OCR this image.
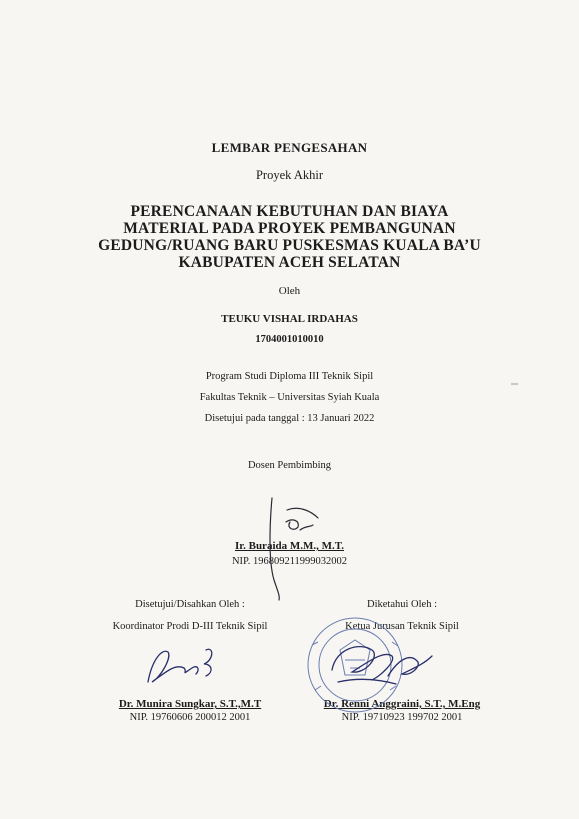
LEMBAR PENGESAHAN
Proyek Akhir
PERENCANAAN KEBUTUHAN DAN BIAYA
MATERIAL PADA PROYEK PEMBANGUNAN
GEDUNG/RUANG BARU PUSKESMAS KUALA BA’U
KABUPATEN ACEH SELATAN
Oleh
TEUKU VISHAL IRDAHAS
1704001010010
Program Studi Diploma III Teknik Sipil
Fakultas Teknik – Universitas Syiah Kuala
Disetujui pada tanggal : 13 Januari 2022
Dosen Pembimbing
Ir. Buraida M.M., M.T.
NIP. 196809211999032002
Disetujui/Disahkan Oleh :
Koordinator Prodi D-III Teknik Sipil
Dr. Munira Sungkar, S.T.,M.T
NIP. 19760606 200012 2001
Diketahui Oleh :
Ketua Jurusan Teknik Sipil
Dr. Renni Anggraini, S.T., M.Eng
NIP. 19710923 199702 2001
